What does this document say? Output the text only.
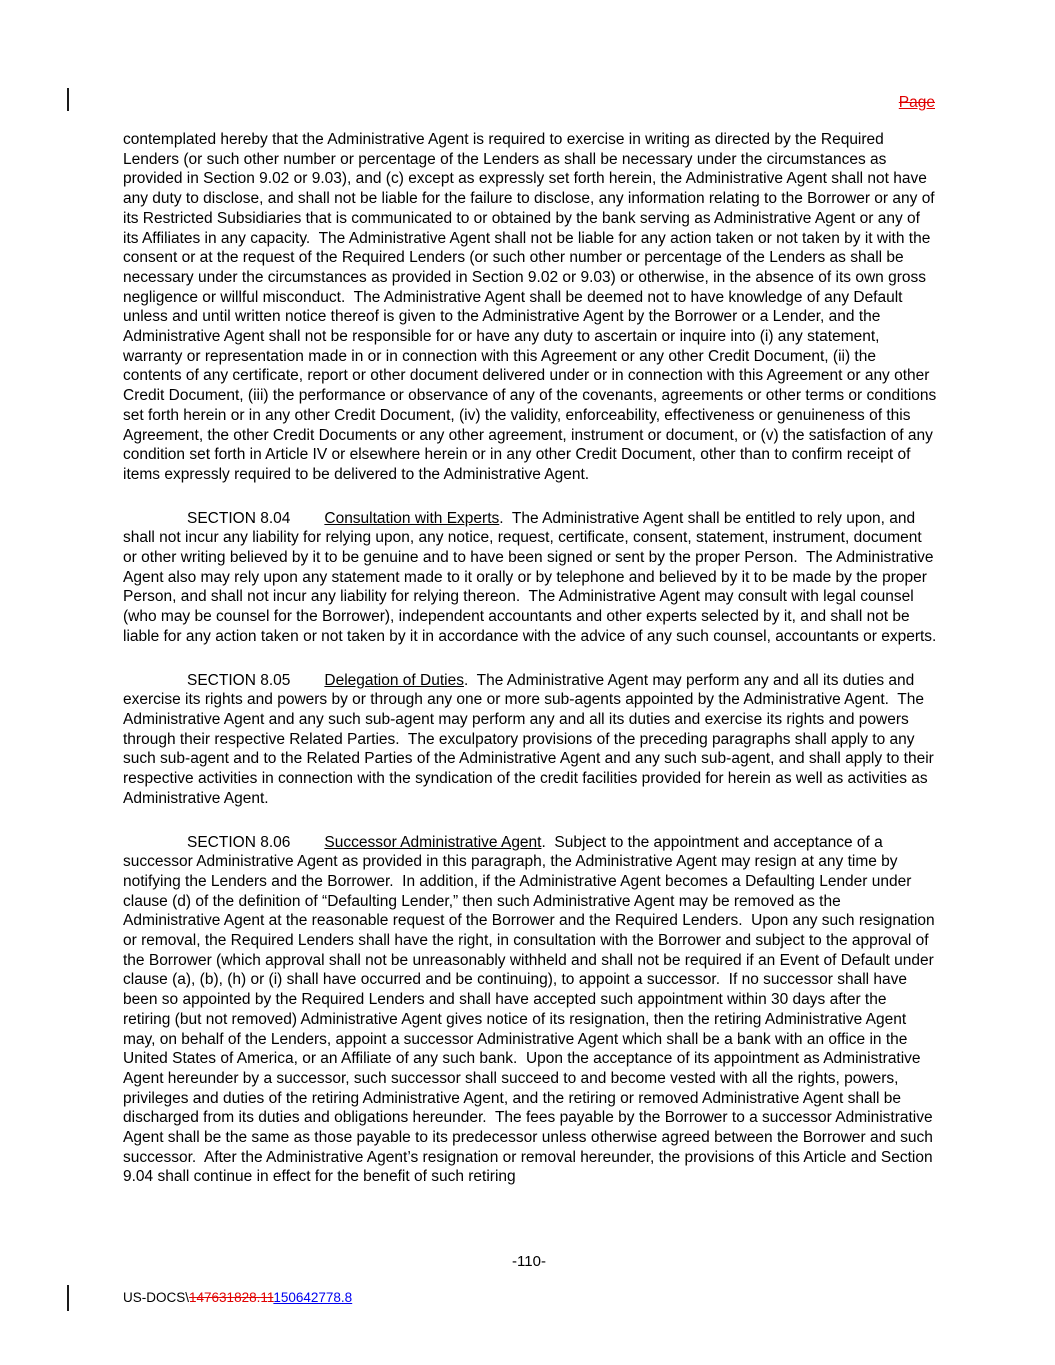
Page

contemplated hereby that the Administrative Agent is required to exercise in writing as directed by the Required Lenders (or such other number or percentage of the Lenders as shall be necessary under the circumstances as provided in Section 9.02 or 9.03), and (c) except as expressly set forth herein, the Administrative Agent shall not have any duty to disclose, and shall not be liable for the failure to disclose, any information relating to the Borrower or any of its Restricted Subsidiaries that is communicated to or obtained by the bank serving as Administrative Agent or any of its Affiliates in any capacity.  The Administrative Agent shall not be liable for any action taken or not taken by it with the consent or at the request of the Required Lenders (or such other number or percentage of the Lenders as shall be necessary under the circumstances as provided in Section 9.02 or 9.03) or otherwise, in the absence of its own gross negligence or willful misconduct.  The Administrative Agent shall be deemed not to have knowledge of any Default unless and until written notice thereof is given to the Administrative Agent by the Borrower or a Lender, and the Administrative Agent shall not be responsible for or have any duty to ascertain or inquire into (i) any statement, warranty or representation made in or in connection with this Agreement or any other Credit Document, (ii) the contents of any certificate, report or other document delivered under or in connection with this Agreement or any other Credit Document, (iii) the performance or observance of any of the covenants, agreements or other terms or conditions set forth herein or in any other Credit Document, (iv) the validity, enforceability, effectiveness or genuineness of this Agreement, the other Credit Documents or any other agreement, instrument or document, or (v) the satisfaction of any condition set forth in Article IV or elsewhere herein or in any other Credit Document, other than to confirm receipt of items expressly required to be delivered to the Administrative Agent.

SECTION 8.04 Consultation with Experts.  The Administrative Agent shall be entitled to rely upon, and shall not incur any liability for relying upon, any notice, request, certificate, consent, statement, instrument, document or other writing believed by it to be genuine and to have been signed or sent by the proper Person.  The Administrative Agent also may rely upon any statement made to it orally or by telephone and believed by it to be made by the proper Person, and shall not incur any liability for relying thereon.  The Administrative Agent may consult with legal counsel (who may be counsel for the Borrower), independent accountants and other experts selected by it, and shall not be liable for any action taken or not taken by it in accordance with the advice of any such counsel, accountants or experts.

SECTION 8.05 Delegation of Duties.  The Administrative Agent may perform any and all its duties and exercise its rights and powers by or through any one or more sub-agents appointed by the Administrative Agent.  The Administrative Agent and any such sub-agent may perform any and all its duties and exercise its rights and powers through their respective Related Parties.  The exculpatory provisions of the preceding paragraphs shall apply to any such sub-agent and to the Related Parties of the Administrative Agent and any such sub-agent, and shall apply to their respective activities in connection with the syndication of the credit facilities provided for herein as well as activities as Administrative Agent.

SECTION 8.06 Successor Administrative Agent.  Subject to the appointment and acceptance of a successor Administrative Agent as provided in this paragraph, the Administrative Agent may resign at any time by notifying the Lenders and the Borrower.  In addition, if the Administrative Agent becomes a Defaulting Lender under clause (d) of the definition of “Defaulting Lender,” then such Administrative Agent may be removed as the Administrative Agent at the reasonable request of the Borrower and the Required Lenders.  Upon any such resignation or removal, the Required Lenders shall have the right, in consultation with the Borrower and subject to the approval of the Borrower (which approval shall not be unreasonably withheld and shall not be required if an Event of Default under clause (a), (b), (h) or (i) shall have occurred and be continuing), to appoint a successor.  If no successor shall have been so appointed by the Required Lenders and shall have accepted such appointment within 30 days after the retiring (but not removed) Administrative Agent gives notice of its resignation, then the retiring Administrative Agent may, on behalf of the Lenders, appoint a successor Administrative Agent which shall be a bank with an office in the United States of America, or an Affiliate of any such bank.  Upon the acceptance of its appointment as Administrative Agent hereunder by a successor, such successor shall succeed to and become vested with all the rights, powers, privileges and duties of the retiring Administrative Agent, and the retiring or removed Administrative Agent shall be discharged from its duties and obligations hereunder.  The fees payable by the Borrower to a successor Administrative Agent shall be the same as those payable to its predecessor unless otherwise agreed between the Borrower and such successor.  After the Administrative Agent’s resignation or removal hereunder, the provisions of this Article and Section 9.04 shall continue in effect for the benefit of such retiring

-110-
US-DOCS\147631828.11150642778.8
